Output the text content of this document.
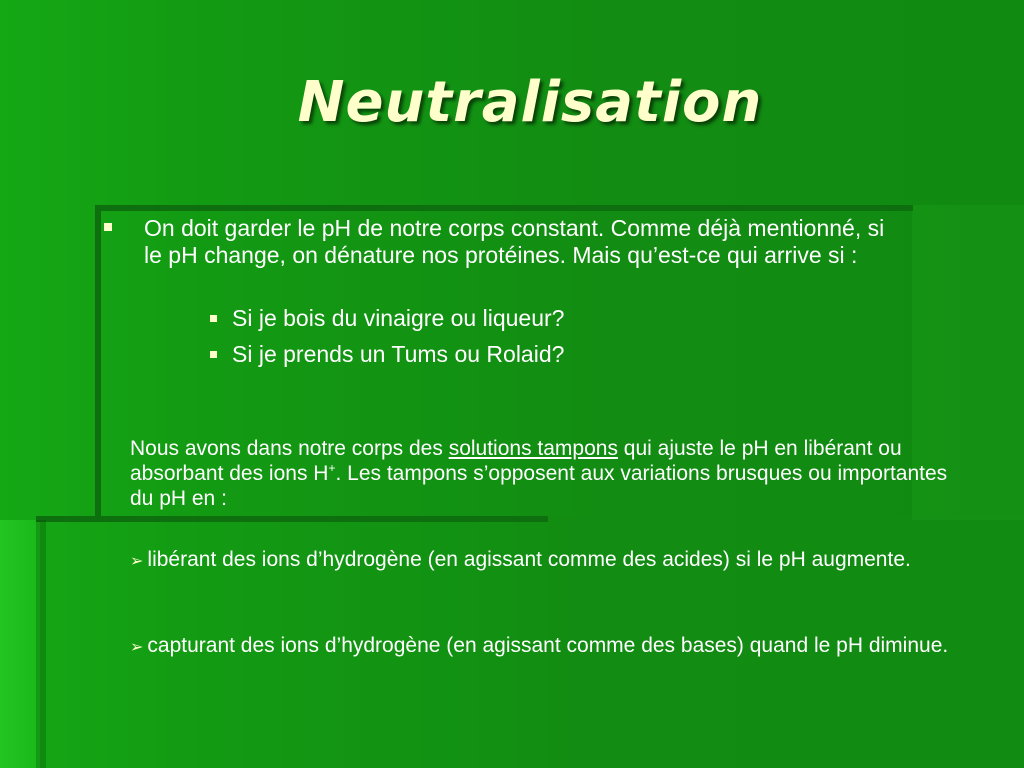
Neutralisation
On doit garder le pH de notre corps constant. Comme déjà mentionné, si le pH change, on dénature nos protéines. Mais qu’est-ce qui arrive si :
Si je bois du vinaigre ou liqueur?
Si je prends un Tums ou Rolaid?
Nous avons dans notre corps des solutions tampons qui ajuste le pH en libérant ou absorbant des ions H+. Les tampons s’opposent aux variations brusques ou importantes du pH en :
➢ libérant des ions d’hydrogène (en agissant comme des acides) si le pH augmente.
➢ capturant des ions d’hydrogène (en agissant comme des bases) quand le pH diminue.
